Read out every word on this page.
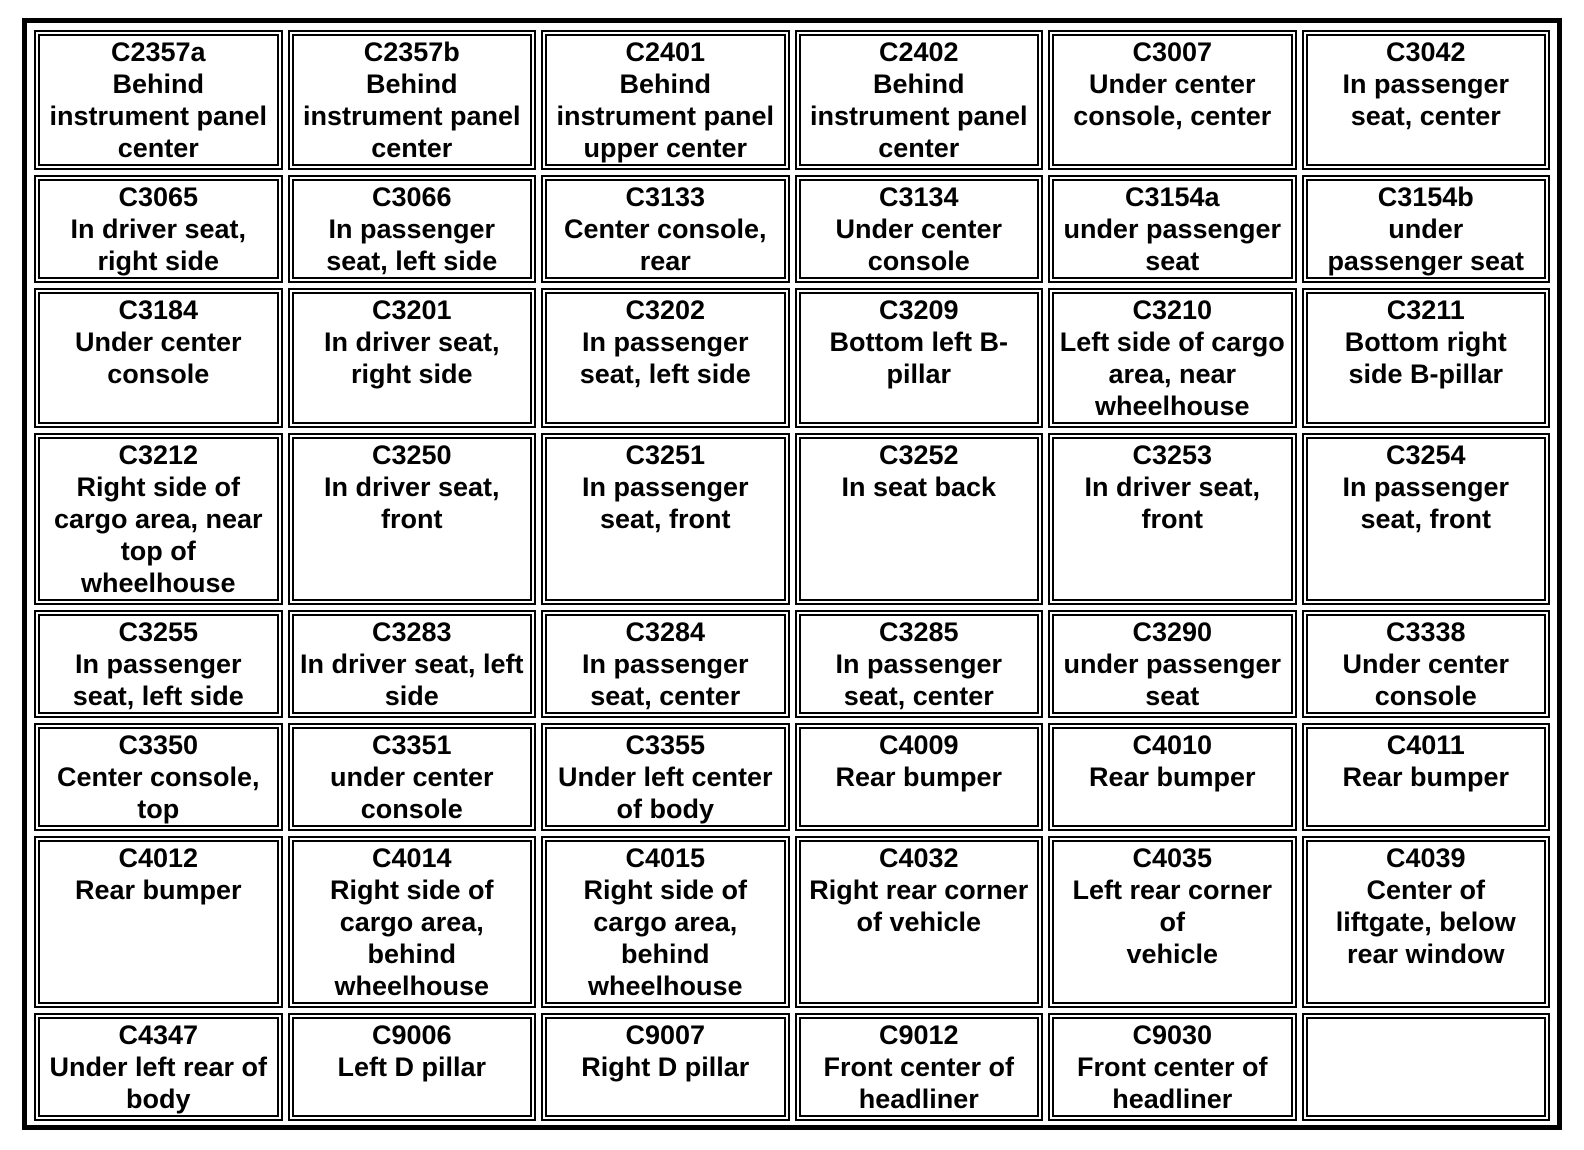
C2357a
Behind
instrument panel
center	C2357b
Behind
instrument panel
center	C2401
Behind
instrument panel
upper center	C2402
Behind
instrument panel
center	C3007
Under center
console, center	C3042
In passenger
seat, center

C3065
In driver seat,
right side	C3066
In passenger
seat, left side	C3133
Center console,
rear	C3134
Under center
console	C3154a
under passenger
seat	C3154b
under
passenger seat

C3184
Under center
console	C3201
In driver seat,
right side	C3202
In passenger
seat, left side	C3209
Bottom left B-
pillar	C3210
Left side of cargo
area, near
wheelhouse	C3211
Bottom right
side B-pillar

C3212
Right side of
cargo area, near
top of
wheelhouse	C3250
In driver seat,
front	C3251
In passenger
seat, front	C3252
In seat back	C3253
In driver seat,
front	C3254
In passenger
seat, front

C3255
In passenger
seat, left side	C3283
In driver seat, left
side	C3284
In passenger
seat, center	C3285
In passenger
seat, center	C3290
under passenger
seat	C3338
Under center
console

C3350
Center console,
top	C3351
under center
console	C3355
Under left center
of body	C4009
Rear bumper	C4010
Rear bumper	C4011
Rear bumper

C4012
Rear bumper	C4014
Right side of
cargo area,
behind
wheelhouse	C4015
Right side of
cargo area,
behind
wheelhouse	C4032
Right rear corner
of vehicle	C4035
Left rear corner of
vehicle	C4039
Center of
liftgate, below
rear window

C4347
Under left rear of
body	C9006
Left D pillar	C9007
Right D pillar	C9012
Front center of
headliner	C9030
Front center of
headliner	
